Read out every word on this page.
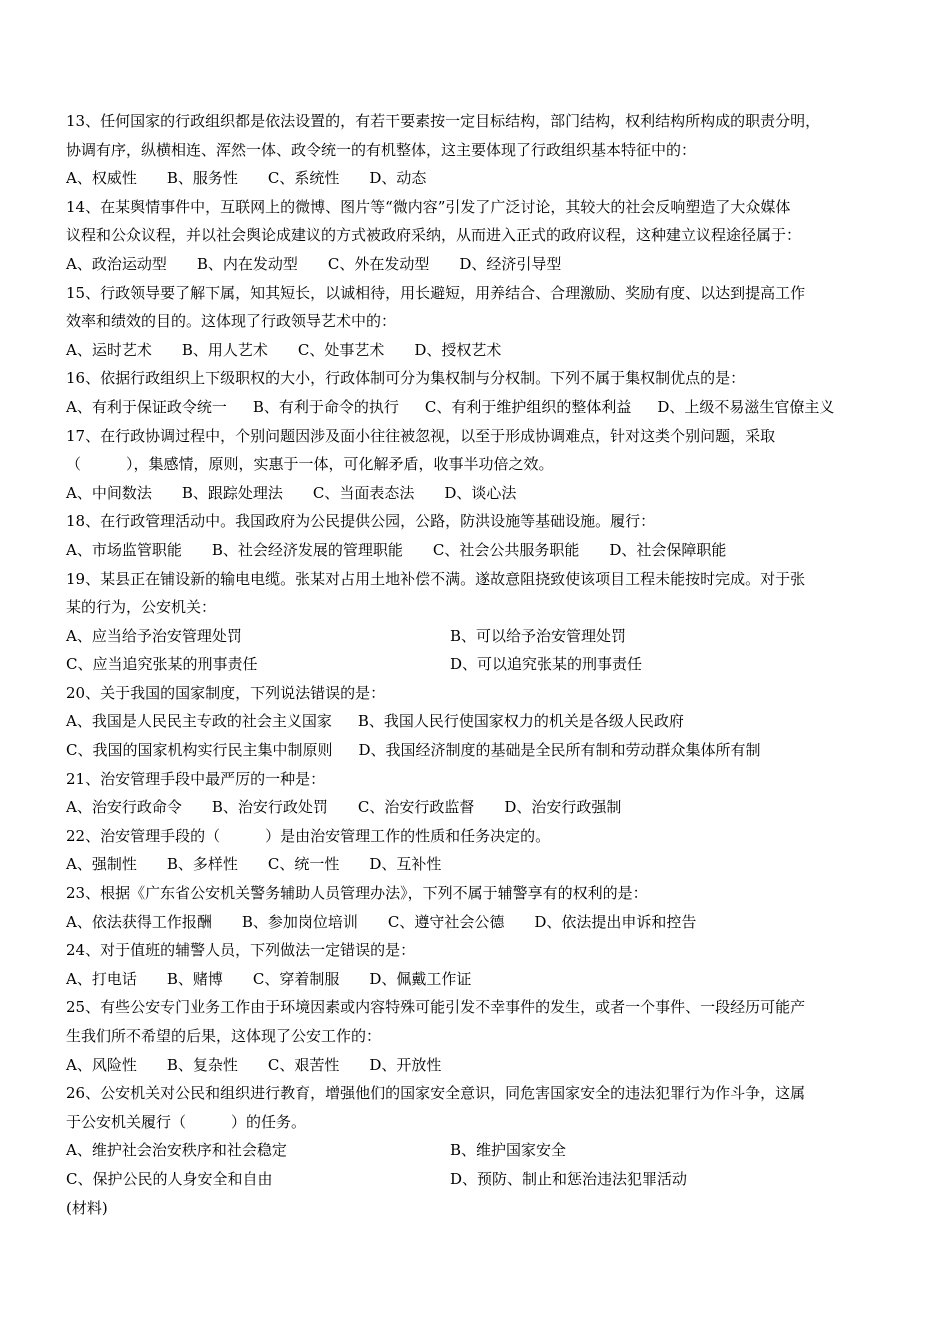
13、任何国家的行政组织都是依法设置的，有若干要素按一定目标结构，部门结构，权利结构所构成的职责分明，
协调有序，纵横相连、浑然一体、政令统一的有机整体，这主要体现了行政组织基本特征中的：
A、权威性 B、服务性 C、系统性 D、动态
14、在某舆情事件中，互联网上的微博、图片等“微内容”引发了广泛讨论，其较大的社会反响塑造了大众媒体
议程和公众议程，并以社会舆论成建议的方式被政府采纳，从而进入正式的政府议程，这种建立议程途径属于：
A、政治运动型 B、内在发动型 C、外在发动型 D、经济引导型
15、行政领导要了解下属，知其短长，以诚相待，用长避短，用养结合、合理激励、奖励有度、以达到提高工作
效率和绩效的目的。这体现了行政领导艺术中的：
A、运时艺术 B、用人艺术 C、处事艺术 D、授权艺术
16、依据行政组织上下级职权的大小，行政体制可分为集权制与分权制。下列不属于集权制优点的是：
A、有利于保证政令统一 B、有利于命令的执行 C、有利于维护组织的整体利益 D、上级不易滋生官僚主义
17、在行政协调过程中，个别问题因涉及面小往往被忽视，以至于形成协调难点，针对这类个别问题，采取
（　　　），集感情，原则，实惠于一体，可化解矛盾，收事半功倍之效。
A、中间数法 B、跟踪处理法 C、当面表态法 D、谈心法
18、在行政管理活动中。我国政府为公民提供公园，公路，防洪设施等基础设施。履行：
A、市场监管职能 B、社会经济发展的管理职能 C、社会公共服务职能 D、社会保障职能
19、某县正在铺设新的输电电缆。张某对占用土地补偿不满。遂故意阻挠致使该项目工程未能按时完成。对于张
某的行为，公安机关：
A、应当给予治安管理处罚	B、可以给予治安管理处罚
C、应当追究张某的刑事责任	D、可以追究张某的刑事责任
20、关于我国的国家制度，下列说法错误的是：
A、我国是人民民主专政的社会主义国家 B、我国人民行使国家权力的机关是各级人民政府
C、我国的国家机构实行民主集中制原则 D、我国经济制度的基础是全民所有制和劳动群众集体所有制
21、治安管理手段中最严厉的一种是：
A、治安行政命令 B、治安行政处罚 C、治安行政监督 D、治安行政强制
22、治安管理手段的（　　　）是由治安管理工作的性质和任务决定的。
A、强制性 B、多样性 C、统一性 D、互补性
23、根据《广东省公安机关警务辅助人员管理办法》，下列不属于辅警享有的权利的是：
A、依法获得工作报酬 B、参加岗位培训 C、遵守社会公德 D、依法提出申诉和控告
24、对于值班的辅警人员，下列做法一定错误的是：
A、打电话 B、赌博 C、穿着制服 D、佩戴工作证
25、有些公安专门业务工作由于环境因素或内容特殊可能引发不幸事件的发生，或者一个事件、一段经历可能产
生我们所不希望的后果，这体现了公安工作的：
A、风险性 B、复杂性 C、艰苦性 D、开放性
26、公安机关对公民和组织进行教育，增强他们的国家安全意识，同危害国家安全的违法犯罪行为作斗争，这属
于公安机关履行（　　　）的任务。
A、维护社会治安秩序和社会稳定	B、维护国家安全
C、保护公民的人身安全和自由	D、预防、制止和惩治违法犯罪活动
(材料)
